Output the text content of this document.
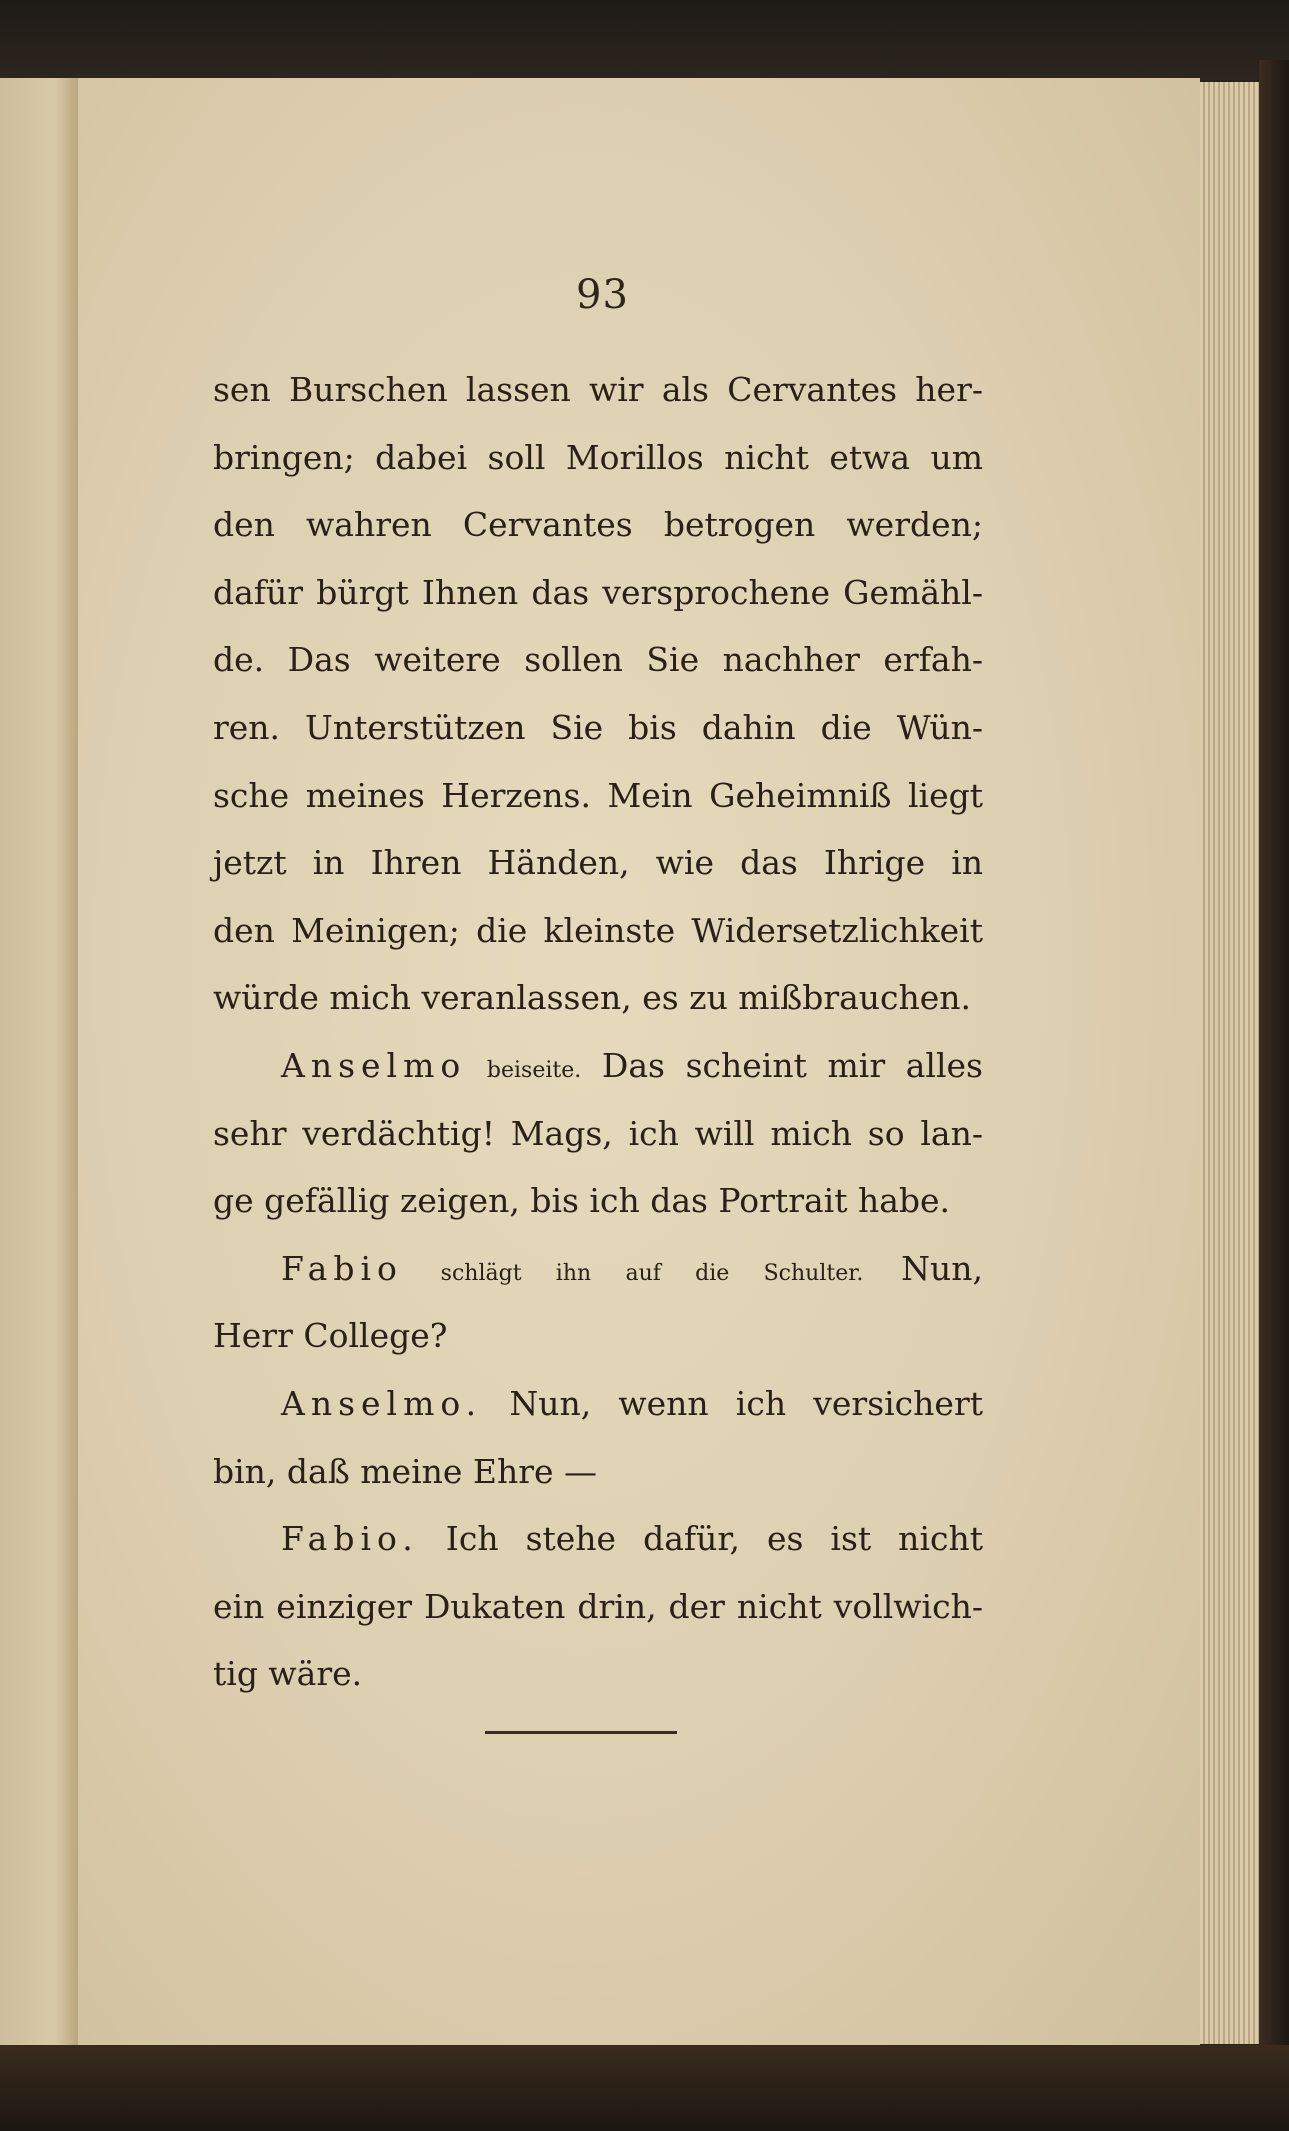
93
sen Burschen lassen wir als Cervantes her-
bringen; dabei soll Morillos nicht etwa um
den wahren Cervantes betrogen werden;
dafür bürgt Ihnen das versprochene Gemähl-
de. Das weitere sollen Sie nachher erfah-
ren. Unterstützen Sie bis dahin die Wün-
sche meines Herzens. Mein Geheimniß liegt
jetzt in Ihren Händen, wie das Ihrige in
den Meinigen; die kleinste Widersetzlichkeit
würde mich veranlassen, es zu mißbrauchen.
Anselmo beiseite. Das scheint mir alles
sehr verdächtig! Mags, ich will mich so lan-
ge gefällig zeigen, bis ich das Portrait habe.
Fabio schlägt ihn auf die Schulter. Nun,
Herr College?
Anselmo. Nun, wenn ich versichert
bin, daß meine Ehre —
Fabio. Ich stehe dafür, es ist nicht
ein einziger Dukaten drin, der nicht vollwich-
tig wäre.
